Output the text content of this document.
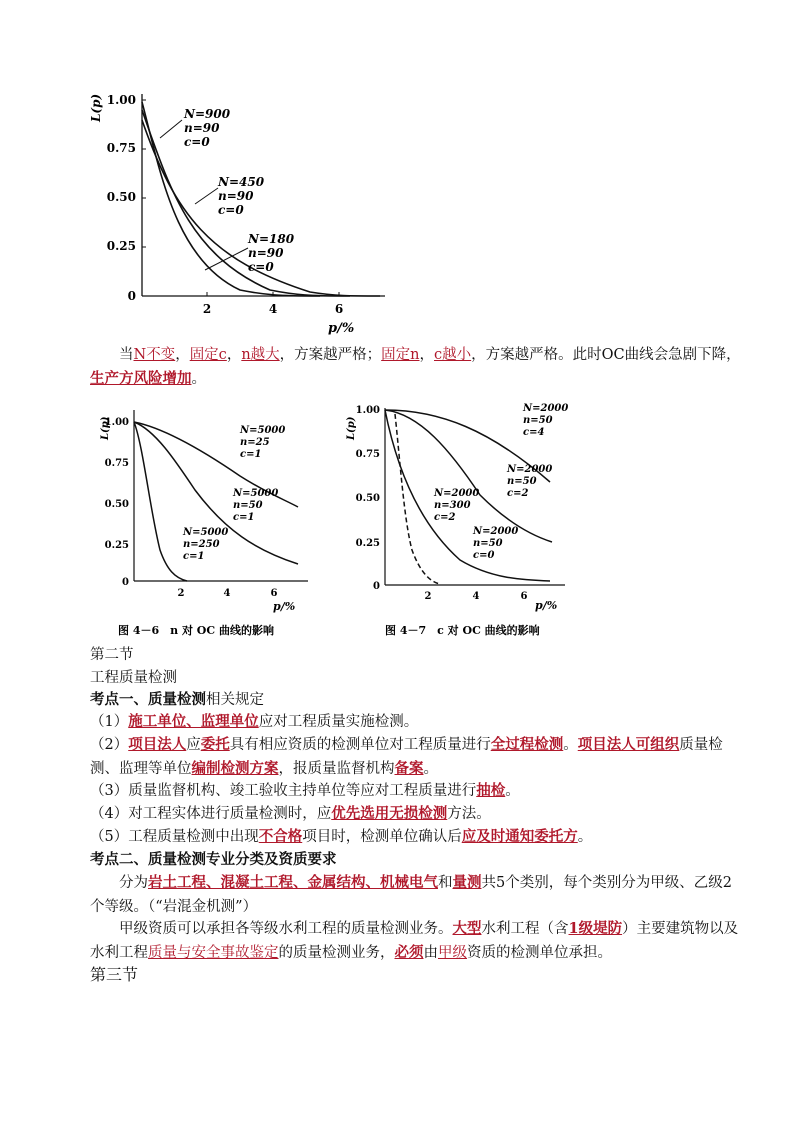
L(p) 1.00
0.75
0.50
0.25
0
2	4	6
p/%
N=900
n=90
c=0
N=450
n=90
c=0
N=180
n=90
c=0
当N不变，固定c，n越大，方案越严格；固定n，c越小，方案越严格。此时OC曲线会急剧下降，生产方风险增加。
L(p)
1.00
0.75
0.50
0.25
0
2	4	6
p/%
N=5000
n=25
c=1
N=5000
n=50
c=1
N=5000
n=250
c=1
图 4－6　n 对 OC 曲线的影响
L(p)
1.00
0.75
0.50
0.25
0
2	4	6
p/%
N=2000
n=50
c=4
N=2000
n=50
c=2
N=2000
n=300
c=2
N=2000
n=50
c=0
图 4－7　c 对 OC 曲线的影响
第二节
工程质量检测
考点一、质量检测相关规定
（1）施工单位、监理单位应对工程质量实施检测。
（2）项目法人应委托具有相应资质的检测单位对工程质量进行全过程检测。项目法人可组织质量检测、监理等单位编制检测方案，报质量监督机构备案。
（3）质量监督机构、竣工验收主持单位等应对工程质量进行抽检。
（4）对工程实体进行质量检测时，应优先选用无损检测方法。
（5）工程质量检测中出现不合格项目时，检测单位确认后应及时通知委托方。
考点二、质量检测专业分类及资质要求
分为岩土工程、混凝土工程、金属结构、机械电气和量测共5个类别，每个类别分为甲级、乙级2个等级。（“岩混金机测”）
甲级资质可以承担各等级水利工程的质量检测业务。大型水利工程（含1级堤防）主要建筑物以及水利工程质量与安全事故鉴定的质量检测业务，必须由甲级资质的检测单位承担。
第三节
